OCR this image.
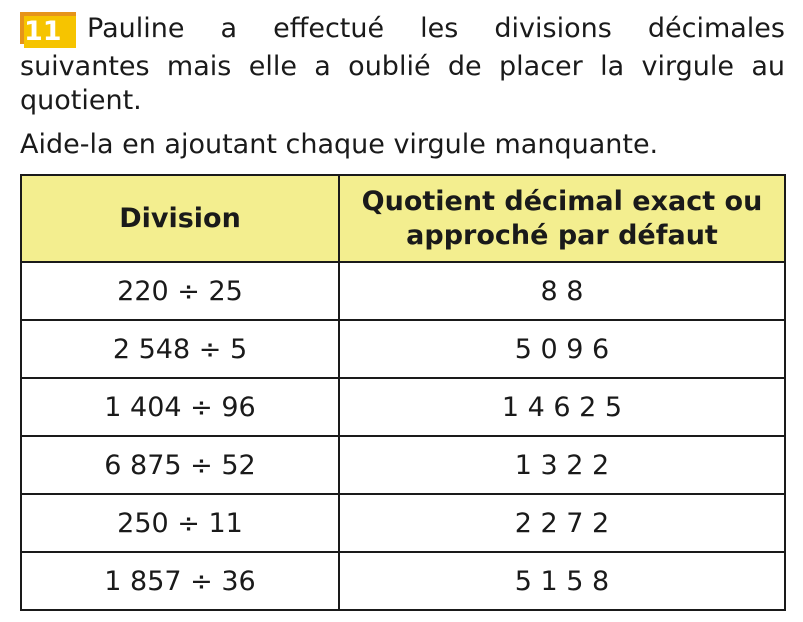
11 Pauline a effectué les divisions décimales suivantes mais elle a oublié de placer la virgule au quotient.

Aide-la en ajoutant chaque virgule manquante.

Division	Quotient décimal exact ou approché par défaut
220 ÷ 25	8 8
2 548 ÷ 5	5 0 9 6
1 404 ÷ 96	1 4 6 2 5
6 875 ÷ 52	1 3 2 2
250 ÷ 11	2 2 7 2
1 857 ÷ 36	5 1 5 8
